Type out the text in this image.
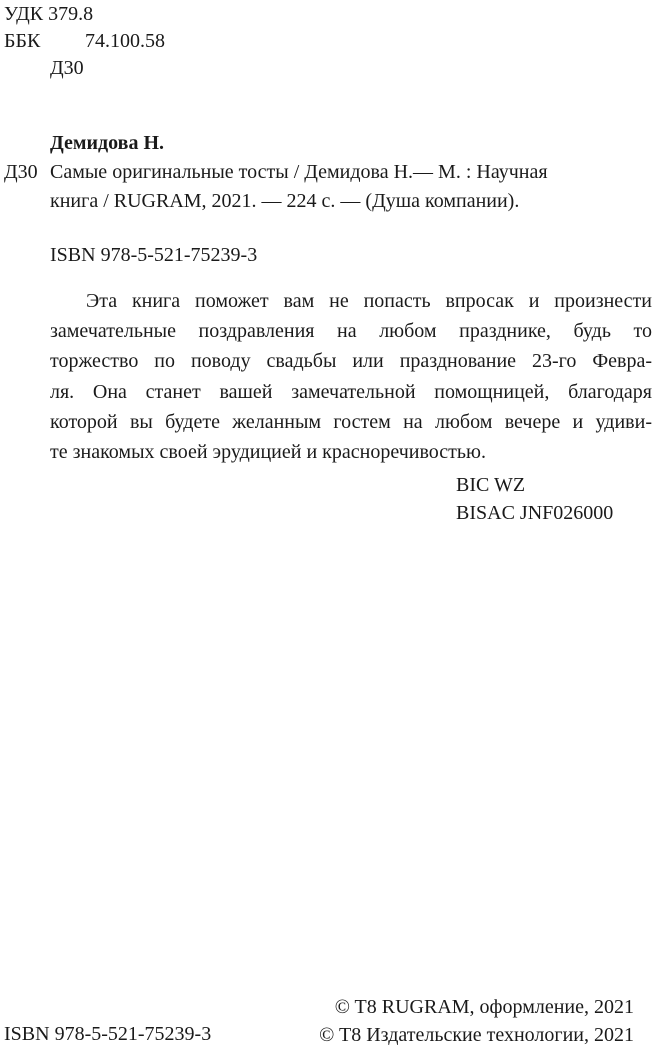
УДК 379.8
ББК 74.100.58
Д30
Демидова Н.
Д30 Самые оригинальные тосты / Демидова Н.— М. : Научная
книга / RUGRAM, 2021. — 224 с. — (Душа компании).
ISBN 978-5-521-75239-3
Эта книга поможет вам не попасть впросак и произнести
замечательные поздравления на любом празднике, будь то
торжество по поводу свадьбы или празднование 23-го Февра-
ля. Она станет вашей замечательной помощницей, благодаря
которой вы будете желанным гостем на любом вечере и удиви-
те знакомых своей эрудицией и красноречивостью.
BIC WZ
BISAC JNF026000
© T8 RUGRAM, оформление, 2021
ISBN 978-5-521-75239-3	© T8 Издательские технологии, 2021
